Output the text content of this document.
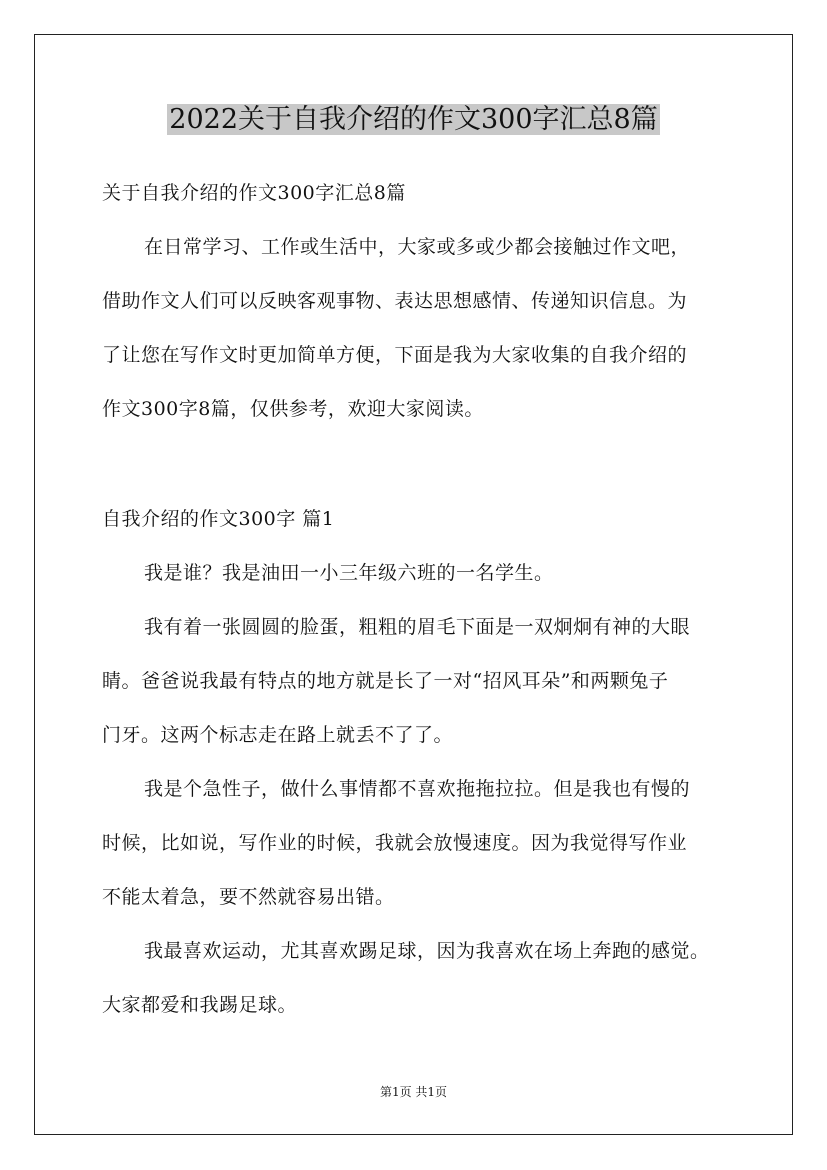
2022关于自我介绍的作文300字汇总8篇
关于自我介绍的作文300字汇总8篇
在日常学习、工作或生活中，大家或多或少都会接触过作文吧，
借助作文人们可以反映客观事物、表达思想感情、传递知识信息。为
了让您在写作文时更加简单方便，下面是我为大家收集的自我介绍的
作文300字8篇，仅供参考，欢迎大家阅读。
自我介绍的作文300字 篇1
我是谁？我是油田一小三年级六班的一名学生。
我有着一张圆圆的脸蛋，粗粗的眉毛下面是一双炯炯有神的大眼
睛。爸爸说我最有特点的地方就是长了一对“招风耳朵”和两颗兔子
门牙。这两个标志走在路上就丢不了了。
我是个急性子，做什么事情都不喜欢拖拖拉拉。但是我也有慢的
时候，比如说，写作业的时候，我就会放慢速度。因为我觉得写作业
不能太着急，要不然就容易出错。
我最喜欢运动，尤其喜欢踢足球，因为我喜欢在场上奔跑的感觉。
大家都爱和我踢足球。
第1页 共1页
